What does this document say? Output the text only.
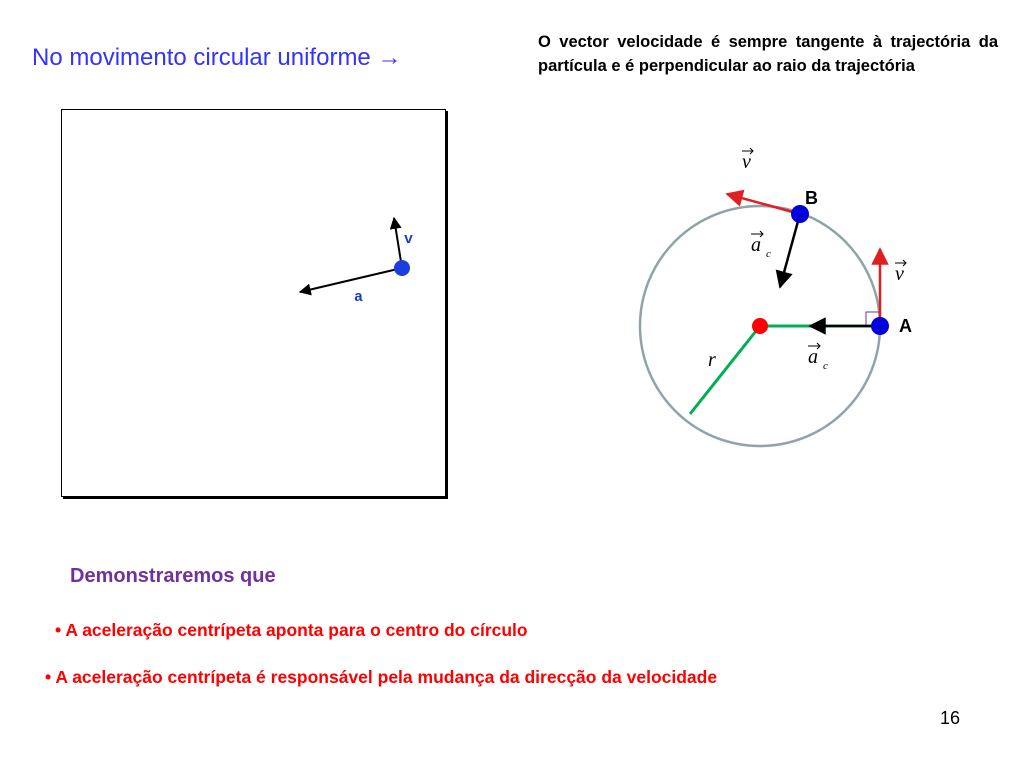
No movimento circular uniforme →
O vector velocidade é sempre tangente à trajectória da partícula e é perpendicular ao raio da trajectória
v
a
B
A
v
v
a c
a c
r
Demonstraremos que
• A aceleração centrípeta aponta para o centro do círculo
• A aceleração centrípeta é responsável pela mudança da direcção da velocidade
16
